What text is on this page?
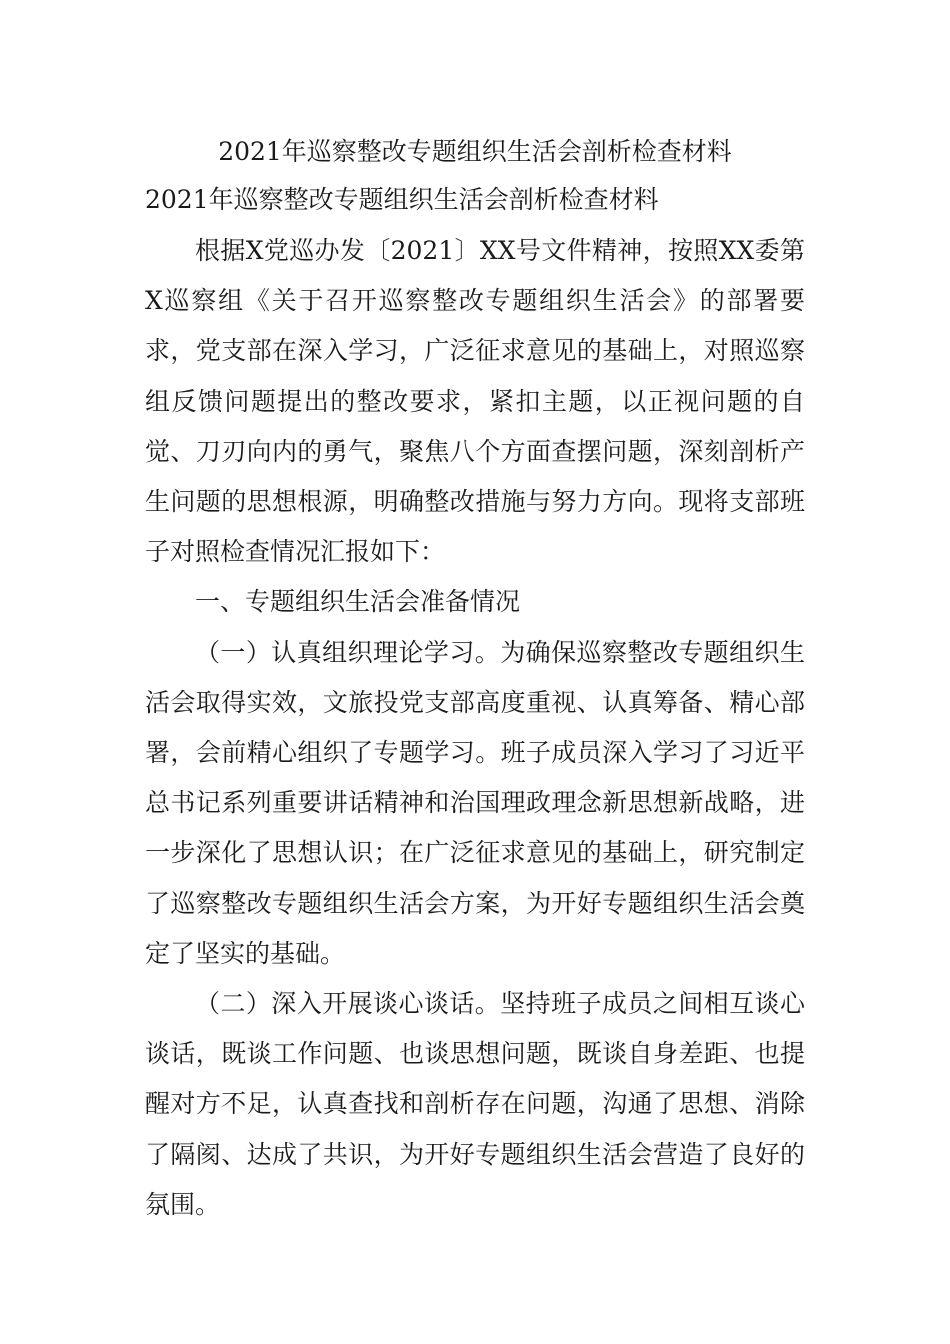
2021年巡察整改专题组织生活会剖析检查材料
2021年巡察整改专题组织生活会剖析检查材料

根据X党巡办发〔2021〕XX号文件精神，按照XX委第X巡察组《关于召开巡察整改专题组织生活会》的部署要求，党支部在深入学习，广泛征求意见的基础上，对照巡察组反馈问题提出的整改要求，紧扣主题，以正视问题的自觉、刀刃向内的勇气，聚焦八个方面查摆问题，深刻剖析产生问题的思想根源，明确整改措施与努力方向。现将支部班子对照检查情况汇报如下：

一、专题组织生活会准备情况

（一）认真组织理论学习。为确保巡察整改专题组织生活会取得实效，文旅投党支部高度重视、认真筹备、精心部署，会前精心组织了专题学习。班子成员深入学习了习近平总书记系列重要讲话精神和治国理政理念新思想新战略，进一步深化了思想认识；在广泛征求意见的基础上，研究制定了巡察整改专题组织生活会方案，为开好专题组织生活会奠定了坚实的基础。

（二）深入开展谈心谈话。坚持班子成员之间相互谈心谈话，既谈工作问题、也谈思想问题，既谈自身差距、也提醒对方不足，认真查找和剖析存在问题，沟通了思想、消除了隔阂、达成了共识，为开好专题组织生活会营造了良好的氛围。
